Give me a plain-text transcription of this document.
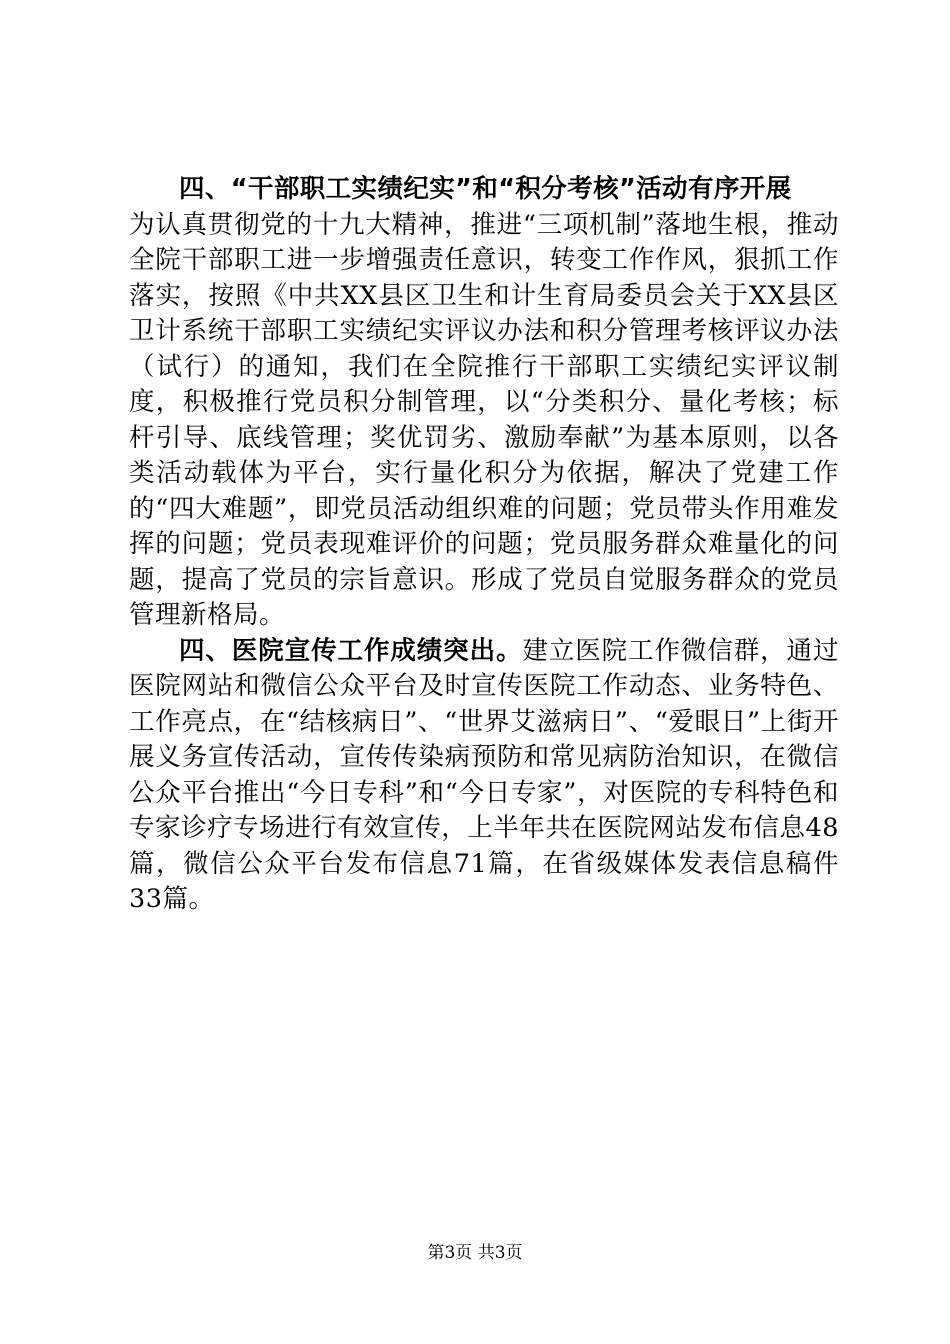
四、“干部职工实绩纪实”和“积分考核”活动有序开展
为认真贯彻党的十九大精神，推进“三项机制”落地生根，推动全院干部职工进一步增强责任意识，转变工作作风，狠抓工作落实，按照《中共XX县区卫生和计生育局委员会关于XX县区卫计系统干部职工实绩纪实评议办法和积分管理考核评议办法（试行）的通知，我们在全院推行干部职工实绩纪实评议制度，积极推行党员积分制管理，以“分类积分、量化考核；标杆引导、底线管理；奖优罚劣、激励奉献”为基本原则，以各类活动载体为平台，实行量化积分为依据，解决了党建工作的“四大难题”，即党员活动组织难的问题；党员带头作用难发挥的问题；党员表现难评价的问题；党员服务群众难量化的问题，提高了党员的宗旨意识。形成了党员自觉服务群众的党员管理新格局。

四、医院宣传工作成绩突出。建立医院工作微信群，通过医院网站和微信公众平台及时宣传医院工作动态、业务特色、工作亮点，在“结核病日”、“世界艾滋病日”、“爱眼日”上街开展义务宣传活动，宣传传染病预防和常见病防治知识，在微信公众平台推出“今日专科”和“今日专家”，对医院的专科特色和专家诊疗专场进行有效宣传，上半年共在医院网站发布信息48篇，微信公众平台发布信息71篇，在省级媒体发表信息稿件33篇。

第3页 共3页
